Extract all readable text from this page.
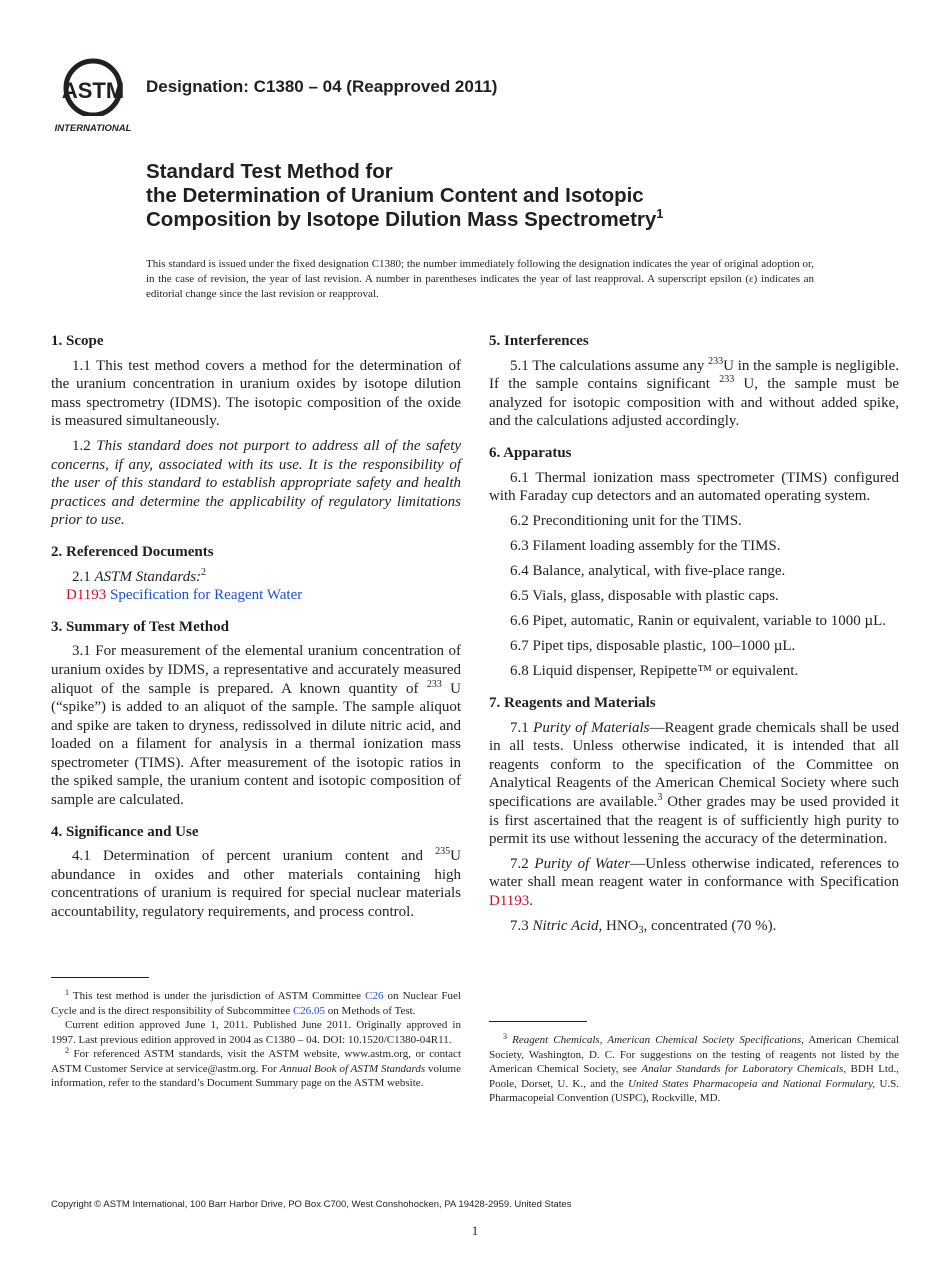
ASTM
INTERNATIONAL
Designation: C1380 – 04 (Reapproved 2011)
Standard Test Method for
the Determination of Uranium Content and Isotopic
Composition by Isotope Dilution Mass Spectrometry$^1$
This standard is issued under the fixed designation C1380; the number immediately following the designation indicates the year of original adoption or, in the case of revision, the year of last revision. A number in parentheses indicates the year of last reapproval. A superscript epsilon (ε) indicates an editorial change since the last revision or reapproval.
1. Scope
1.1 This test method covers a method for the determination of the uranium concentration in uranium oxides by isotope dilution mass spectrometry (IDMS). The isotopic composition of the oxide is measured simultaneously.
1.2 This standard does not purport to address all of the safety concerns, if any, associated with its use. It is the responsibility of the user of this standard to establish appropriate safety and health practices and determine the applicability of regulatory limitations prior to use.
2. Referenced Documents
2.1 ASTM Standards:$^2$
D1193 Specification for Reagent Water
3. Summary of Test Method
3.1 For measurement of the elemental uranium concentration of uranium oxides by IDMS, a representative and accurately measured aliquot of the sample is prepared. A known quantity of $^{233}$ U (“spike”) is added to an aliquot of the sample. The sample aliquot and spike are taken to dryness, redissolved in dilute nitric acid, and loaded on a filament for analysis in a thermal ionization mass spectrometer (TIMS). After measurement of the isotopic ratios in the spiked sample, the uranium content and isotopic composition of sample are calculated.
4. Significance and Use
4.1 Determination of percent uranium content and $^{235}$U abundance in oxides and other materials containing high concentrations of uranium is required for special nuclear materials accountability, regulatory requirements, and process control.
5. Interferences
5.1 The calculations assume any $^{233}$U in the sample is negligible. If the sample contains significant $^{233}$ U, the sample must be analyzed for isotopic composition with and without added spike, and the calculations adjusted accordingly.
6. Apparatus
6.1 Thermal ionization mass spectrometer (TIMS) configured with Faraday cup detectors and an automated operating system.
6.2 Preconditioning unit for the TIMS.
6.3 Filament loading assembly for the TIMS.
6.4 Balance, analytical, with five-place range.
6.5 Vials, glass, disposable with plastic caps.
6.6 Pipet, automatic, Ranin or equivalent, variable to 1000 µL.
6.7 Pipet tips, disposable plastic, 100–1000 µL.
6.8 Liquid dispenser, Repipette™ or equivalent.
7. Reagents and Materials
7.1 Purity of Materials—Reagent grade chemicals shall be used in all tests. Unless otherwise indicated, it is intended that all reagents conform to the specification of the Committee on Analytical Reagents of the American Chemical Society where such specifications are available.$^3$ Other grades may be used provided it is first ascertained that the reagent is of sufficiently high purity to permit its use without lessening the accuracy of the determination.
7.2 Purity of Water—Unless otherwise indicated, references to water shall mean reagent water in conformance with Specification D1193.
7.3 Nitric Acid, $HNO_3$, concentrated (70 %).

$^1$ This test method is under the jurisdiction of ASTM Committee C26 on Nuclear Fuel Cycle and is the direct responsibility of Subcommittee C26.05 on Methods of Test.

Current edition approved June 1, 2011. Published June 2011. Originally approved in 1997. Last previous edition approved in 2004 as C1380 – 04. DOI: 10.1520/C1380-04R11.

$^2$ For referenced ASTM standards, visit the ASTM website, www.astm.org, or contact ASTM Customer Service at service@astm.org. For Annual Book of ASTM Standards volume information, refer to the standard’s Document Summary page on the ASTM website.

$^3$ Reagent Chemicals, American Chemical Society Specifications, American Chemical Society, Washington, D. C. For suggestions on the testing of reagents not listed by the American Chemical Society, see Analar Standards for Laboratory Chemicals, BDH Ltd., Poole, Dorset, U. K., and the United States Pharmacopeia and National Formulary, U.S. Pharmacopeial Convention (USPC), Rockville, MD.

Copyright © ASTM International, 100 Barr Harbor Drive, PO Box C700, West Conshohocken, PA 19428-2959. United States
1
